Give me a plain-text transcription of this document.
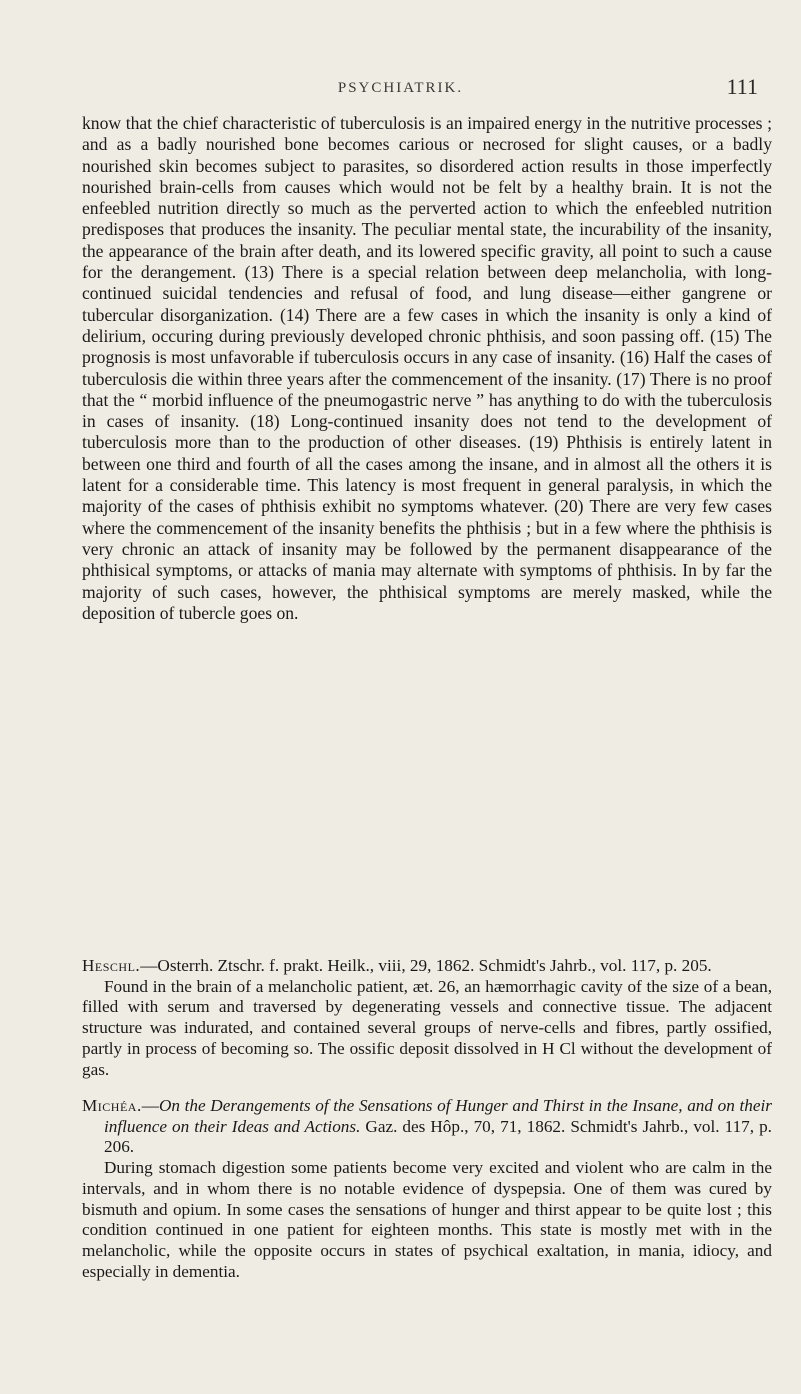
PSYCHIATRIK.	111

know that the chief characteristic of tuberculosis is an impaired energy in the nutritive processes ; and as a badly nourished bone becomes carious or necrosed for slight causes, or a badly nourished skin becomes subject to parasites, so disordered action results in those imperfectly nourished brain-cells from causes which would not be felt by a healthy brain. It is not the enfeebled nutrition directly so much as the perverted action to which the enfeebled nutrition predisposes that produces the insanity. The peculiar mental state, the incurability of the insanity, the appearance of the brain after death, and its lowered specific gravity, all point to such a cause for the derangement. (13) There is a special relation between deep melancholia, with long-continued suicidal tendencies and refusal of food, and lung disease—either gangrene or tubercular disorganization. (14) There are a few cases in which the insanity is only a kind of delirium, occuring during previously developed chronic phthisis, and soon passing off. (15) The prognosis is most unfavorable if tuberculosis occurs in any case of insanity. (16) Half the cases of tuberculosis die within three years after the commencement of the insanity. (17) There is no proof that the “ morbid influence of the pneumogastric nerve ” has anything to do with the tuberculosis in cases of insanity. (18) Long-continued insanity does not tend to the development of tuberculosis more than to the production of other diseases. (19) Phthisis is entirely latent in between one third and fourth of all the cases among the insane, and in almost all the others it is latent for a considerable time. This latency is most frequent in general paralysis, in which the majority of the cases of phthisis exhibit no symptoms whatever. (20) There are very few cases where the commencement of the insanity benefits the phthisis ; but in a few where the phthisis is very chronic an attack of insanity may be followed by the permanent disappearance of the phthisical symptoms, or attacks of mania may alternate with symptoms of phthisis. In by far the majority of such cases, however, the phthisical symptoms are merely masked, while the deposition of tubercle goes on.

Heschl.—Osterrh. Ztschr. f. prakt. Heilk., viii, 29, 1862. Schmidt's Jahrb., vol. 117, p. 205.

Found in the brain of a melancholic patient, æt. 26, an hæmorrhagic cavity of the size of a bean, filled with serum and traversed by degenerating vessels and connective tissue. The adjacent structure was indurated, and contained several groups of nerve-cells and fibres, partly ossified, partly in process of becoming so. The ossific deposit dissolved in H Cl without the development of gas.

Michéa.—On the Derangements of the Sensations of Hunger and Thirst in the Insane, and on their influence on their Ideas and Actions. Gaz. des Hôp., 70, 71, 1862. Schmidt's Jahrb., vol. 117, p. 206.

During stomach digestion some patients become very excited and violent who are calm in the intervals, and in whom there is no notable evidence of dyspepsia. One of them was cured by bismuth and opium. In some cases the sensations of hunger and thirst appear to be quite lost ; this condition continued in one patient for eighteen months. This state is mostly met with in the melancholic, while the opposite occurs in states of psychical exaltation, in mania, idiocy, and especially in dementia.
